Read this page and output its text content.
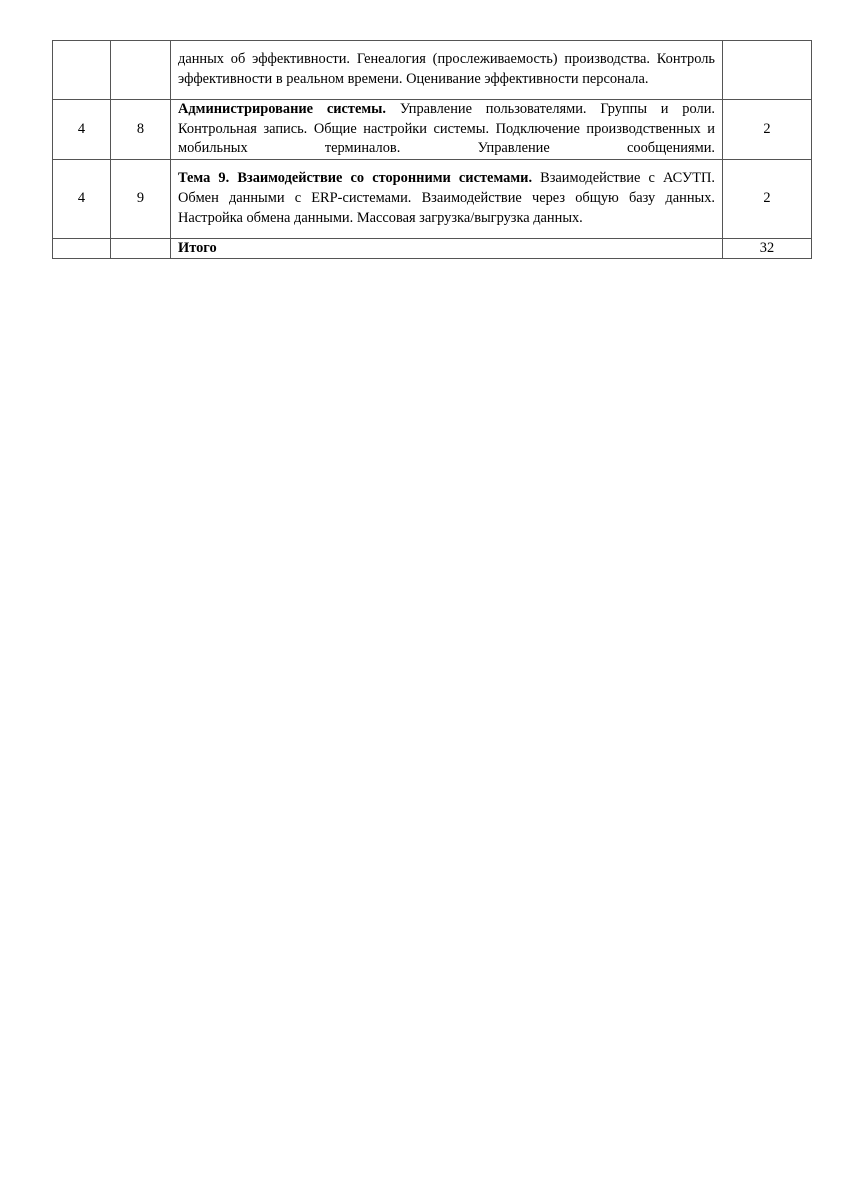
		данных об эффективности. Генеалогия (прослеживаемость) производства. Контроль эффективности в реальном времени. Оценивание эффективности персонала.	
4	8	Администрирование системы. Управление пользователями. Группы и роли. Контрольная запись. Общие настройки системы. Подключение производственных и мобильных терминалов. Управление сообщениями.	2
4	9	Тема 9. Взаимодействие со сторонними системами. Взаимодействие с АСУТП. Обмен данными с ERP-системами. Взаимодействие через общую базу данных. Настройка обмена данными. Массовая загрузка/выгрузка данных.	2
		Итого	32
